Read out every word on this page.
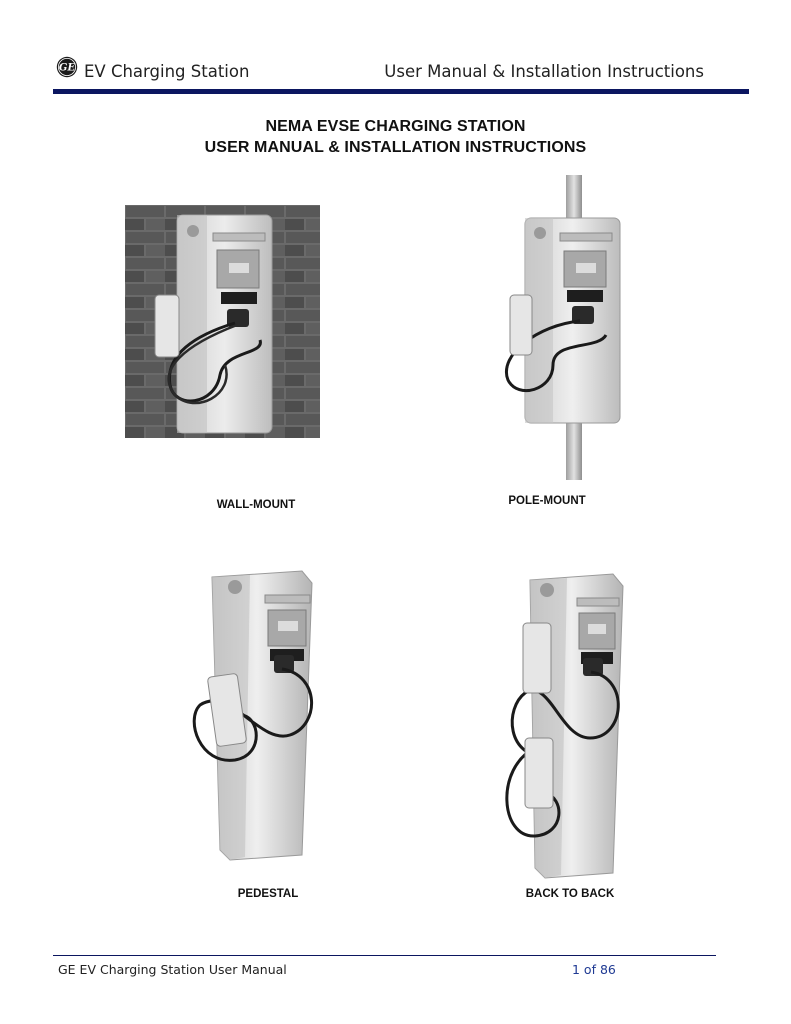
GE EV Charging Station	User Manual & Installation Instructions
NEMA EVSE CHARGING STATION
USER MANUAL & INSTALLATION INSTRUCTIONS
WALL-MOUNT	POLE-MOUNT
PEDESTAL	BACK TO BACK
GE EV Charging Station User Manual	1 of 86
